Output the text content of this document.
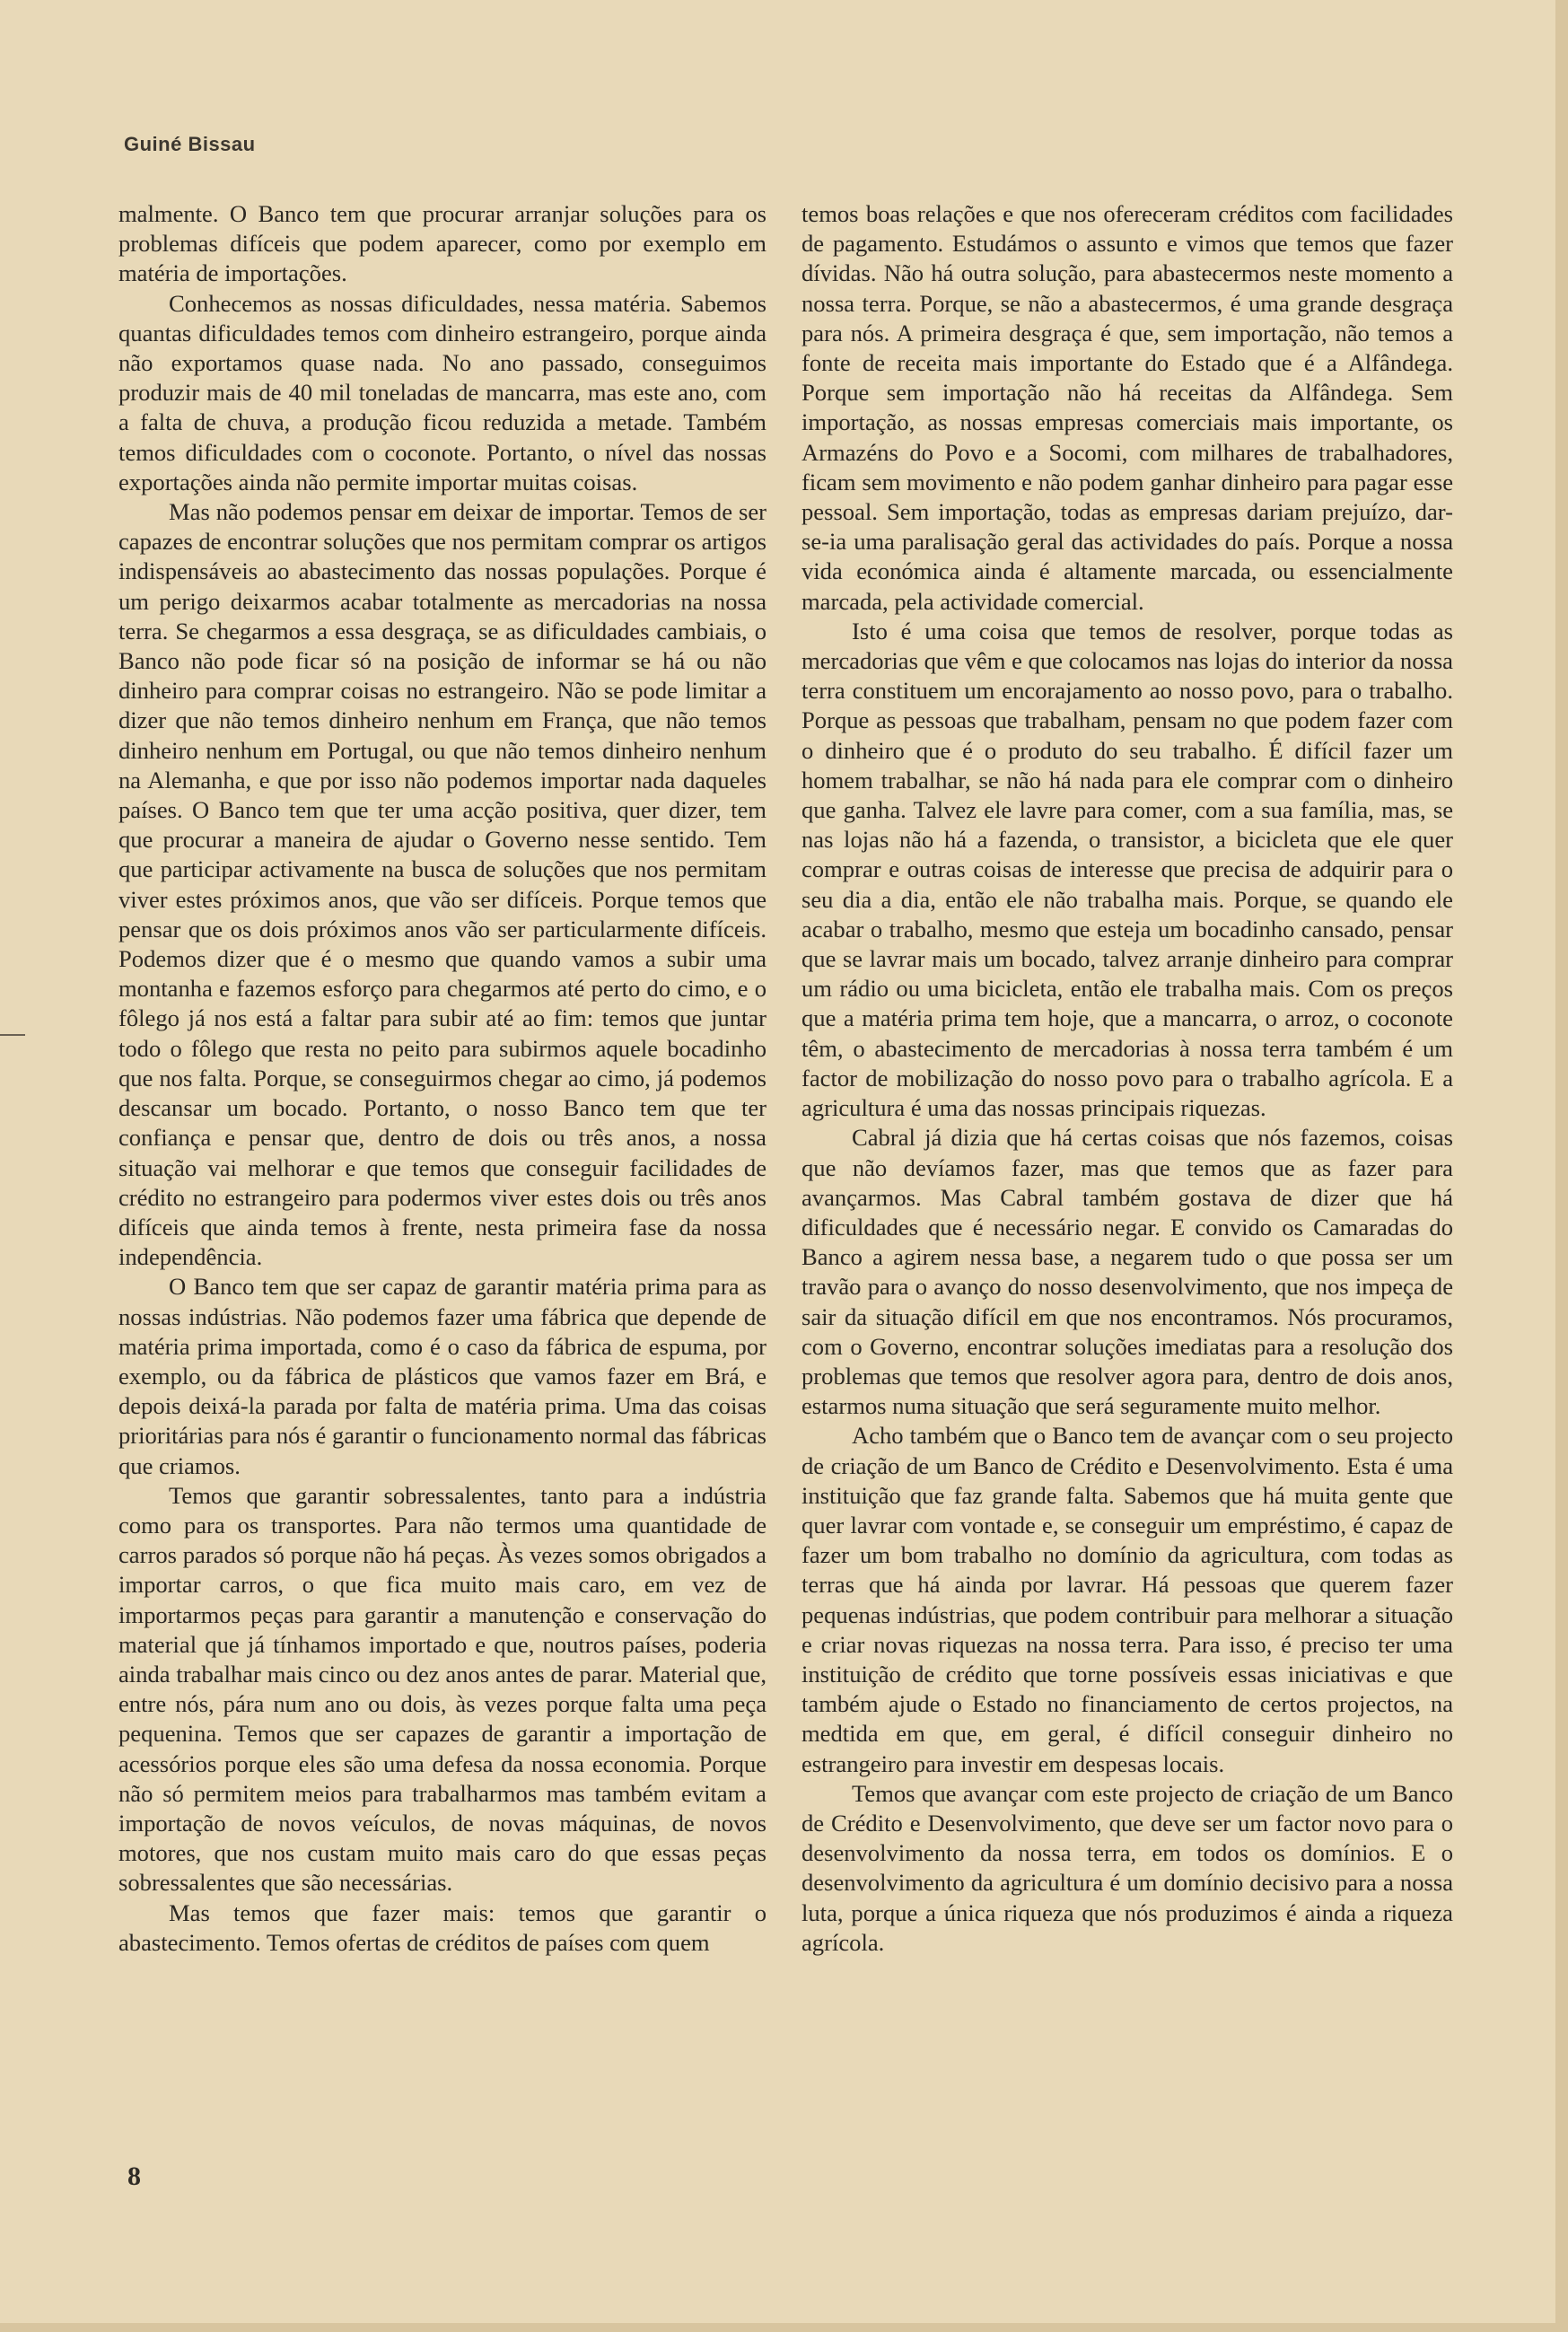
Guiné Bissau

malmente. O Banco tem que procurar arranjar soluções para os problemas difíceis que podem aparecer, como por exemplo em matéria de importações.

Conhecemos as nossas dificuldades, nessa matéria. Sabemos quantas dificuldades temos com dinheiro estrangeiro, porque ainda não exportamos quase nada. No ano passado, conseguimos produzir mais de 40 mil toneladas de mancarra, mas este ano, com a falta de chuva, a produção ficou reduzida a metade. Também temos dificuldades com o coconote. Portanto, o nível das nossas exportações ainda não permite importar muitas coisas.

Mas não podemos pensar em deixar de importar. Temos de ser capazes de encontrar soluções que nos permitam comprar os artigos indispensáveis ao abastecimento das nossas populações. Porque é um perigo deixarmos acabar totalmente as mercadorias na nossa terra. Se chegarmos a essa desgraça, se as dificuldades cambiais, o Banco não pode ficar só na posição de informar se há ou não dinheiro para comprar coisas no estrangeiro. Não se pode limitar a dizer que não temos dinheiro nenhum em França, que não temos dinheiro nenhum em Portugal, ou que não temos dinheiro nenhum na Alemanha, e que por isso não podemos importar nada daqueles países. O Banco tem que ter uma acção positiva, quer dizer, tem que procurar a maneira de ajudar o Governo nesse sentido. Tem que participar activamente na busca de soluções que nos permitam viver estes próximos anos, que vão ser difíceis. Porque temos que pensar que os dois próximos anos vão ser particularmente difíceis. Podemos dizer que é o mesmo que quando vamos a subir uma montanha e fazemos esforço para chegarmos até perto do cimo, e o fôlego já nos está a faltar para subir até ao fim: temos que juntar todo o fôlego que resta no peito para subirmos aquele bocadinho que nos falta. Porque, se conseguirmos chegar ao cimo, já podemos descansar um bocado. Portanto, o nosso Banco tem que ter confiança e pensar que, dentro de dois ou três anos, a nossa situação vai melhorar e que temos que conseguir facilidades de crédito no estrangeiro para podermos viver estes dois ou três anos difíceis que ainda temos à frente, nesta primeira fase da nossa independência.

O Banco tem que ser capaz de garantir matéria prima para as nossas indústrias. Não podemos fazer uma fábrica que depende de matéria prima importada, como é o caso da fábrica de espuma, por exemplo, ou da fábrica de plásticos que vamos fazer em Brá, e depois deixá-la parada por falta de matéria prima. Uma das coisas prioritárias para nós é garantir o funcionamento normal das fábricas que criamos.

Temos que garantir sobressalentes, tanto para a indústria como para os transportes. Para não termos uma quantidade de carros parados só porque não há peças. Às vezes somos obrigados a importar carros, o que fica muito mais caro, em vez de importarmos peças para garantir a manutenção e conservação do material que já tínhamos importado e que, noutros países, poderia ainda trabalhar mais cinco ou dez anos antes de parar. Material que, entre nós, pára num ano ou dois, às vezes porque falta uma peça pequenina. Temos que ser capazes de garantir a importação de acessórios porque eles são uma defesa da nossa economia. Porque não só permitem meios para trabalharmos mas também evitam a importação de novos veículos, de novas máquinas, de novos motores, que nos custam muito mais caro do que essas peças sobressalentes que são necessárias.

Mas temos que fazer mais: temos que garantir o abastecimento. Temos ofertas de créditos de países com quem

temos boas relações e que nos ofereceram créditos com facilidades de pagamento. Estudámos o assunto e vimos que temos que fazer dívidas. Não há outra solução, para abastecermos neste momento a nossa terra. Porque, se não a abastecermos, é uma grande desgraça para nós. A primeira desgraça é que, sem importação, não temos a fonte de receita mais importante do Estado que é a Alfândega. Porque sem importação não há receitas da Alfândega. Sem importação, as nossas empresas comerciais mais importante, os Armazéns do Povo e a Socomi, com milhares de trabalhadores, ficam sem movimento e não podem ganhar dinheiro para pagar esse pessoal. Sem importação, todas as empresas dariam prejuízo, dar-se-ia uma paralisação geral das actividades do país. Porque a nossa vida económica ainda é altamente marcada, ou essencialmente marcada, pela actividade comercial.

Isto é uma coisa que temos de resolver, porque todas as mercadorias que vêm e que colocamos nas lojas do interior da nossa terra constituem um encorajamento ao nosso povo, para o trabalho. Porque as pessoas que trabalham, pensam no que podem fazer com o dinheiro que é o produto do seu trabalho. É difícil fazer um homem trabalhar, se não há nada para ele comprar com o dinheiro que ganha. Talvez ele lavre para comer, com a sua família, mas, se nas lojas não há a fazenda, o transistor, a bicicleta que ele quer comprar e outras coisas de interesse que precisa de adquirir para o seu dia a dia, então ele não trabalha mais. Porque, se quando ele acabar o trabalho, mesmo que esteja um bocadinho cansado, pensar que se lavrar mais um bocado, talvez arranje dinheiro para comprar um rádio ou uma bicicleta, então ele trabalha mais. Com os preços que a matéria prima tem hoje, que a mancarra, o arroz, o coconote têm, o abastecimento de mercadorias à nossa terra também é um factor de mobilização do nosso povo para o trabalho agrícola. E a agricultura é uma das nossas principais riquezas.

Cabral já dizia que há certas coisas que nós fazemos, coisas que não devíamos fazer, mas que temos que as fazer para avançarmos. Mas Cabral também gostava de dizer que há dificuldades que é necessário negar. E convido os Camaradas do Banco a agirem nessa base, a negarem tudo o que possa ser um travão para o avanço do nosso desenvolvimento, que nos impeça de sair da situação difícil em que nos encontramos. Nós procuramos, com o Governo, encontrar soluções imediatas para a resolução dos problemas que temos que resolver agora para, dentro de dois anos, estarmos numa situação que será seguramente muito melhor.

Acho também que o Banco tem de avançar com o seu projecto de criação de um Banco de Crédito e Desenvolvimento. Esta é uma instituição que faz grande falta. Sabemos que há muita gente que quer lavrar com vontade e, se conseguir um empréstimo, é capaz de fazer um bom trabalho no domínio da agricultura, com todas as terras que há ainda por lavrar. Há pessoas que querem fazer pequenas indústrias, que podem contribuir para melhorar a situação e criar novas riquezas na nossa terra. Para isso, é preciso ter uma instituição de crédito que torne possíveis essas iniciativas e que também ajude o Estado no financiamento de certos projectos, na medtida em que, em geral, é difícil conseguir dinheiro no estrangeiro para investir em despesas locais.

Temos que avançar com este projecto de criação de um Banco de Crédito e Desenvolvimento, que deve ser um factor novo para o desenvolvimento da nossa terra, em todos os domínios. E o desenvolvimento da agricultura é um domínio decisivo para a nossa luta, porque a única riqueza que nós produzimos é ainda a riqueza agrícola.

8
